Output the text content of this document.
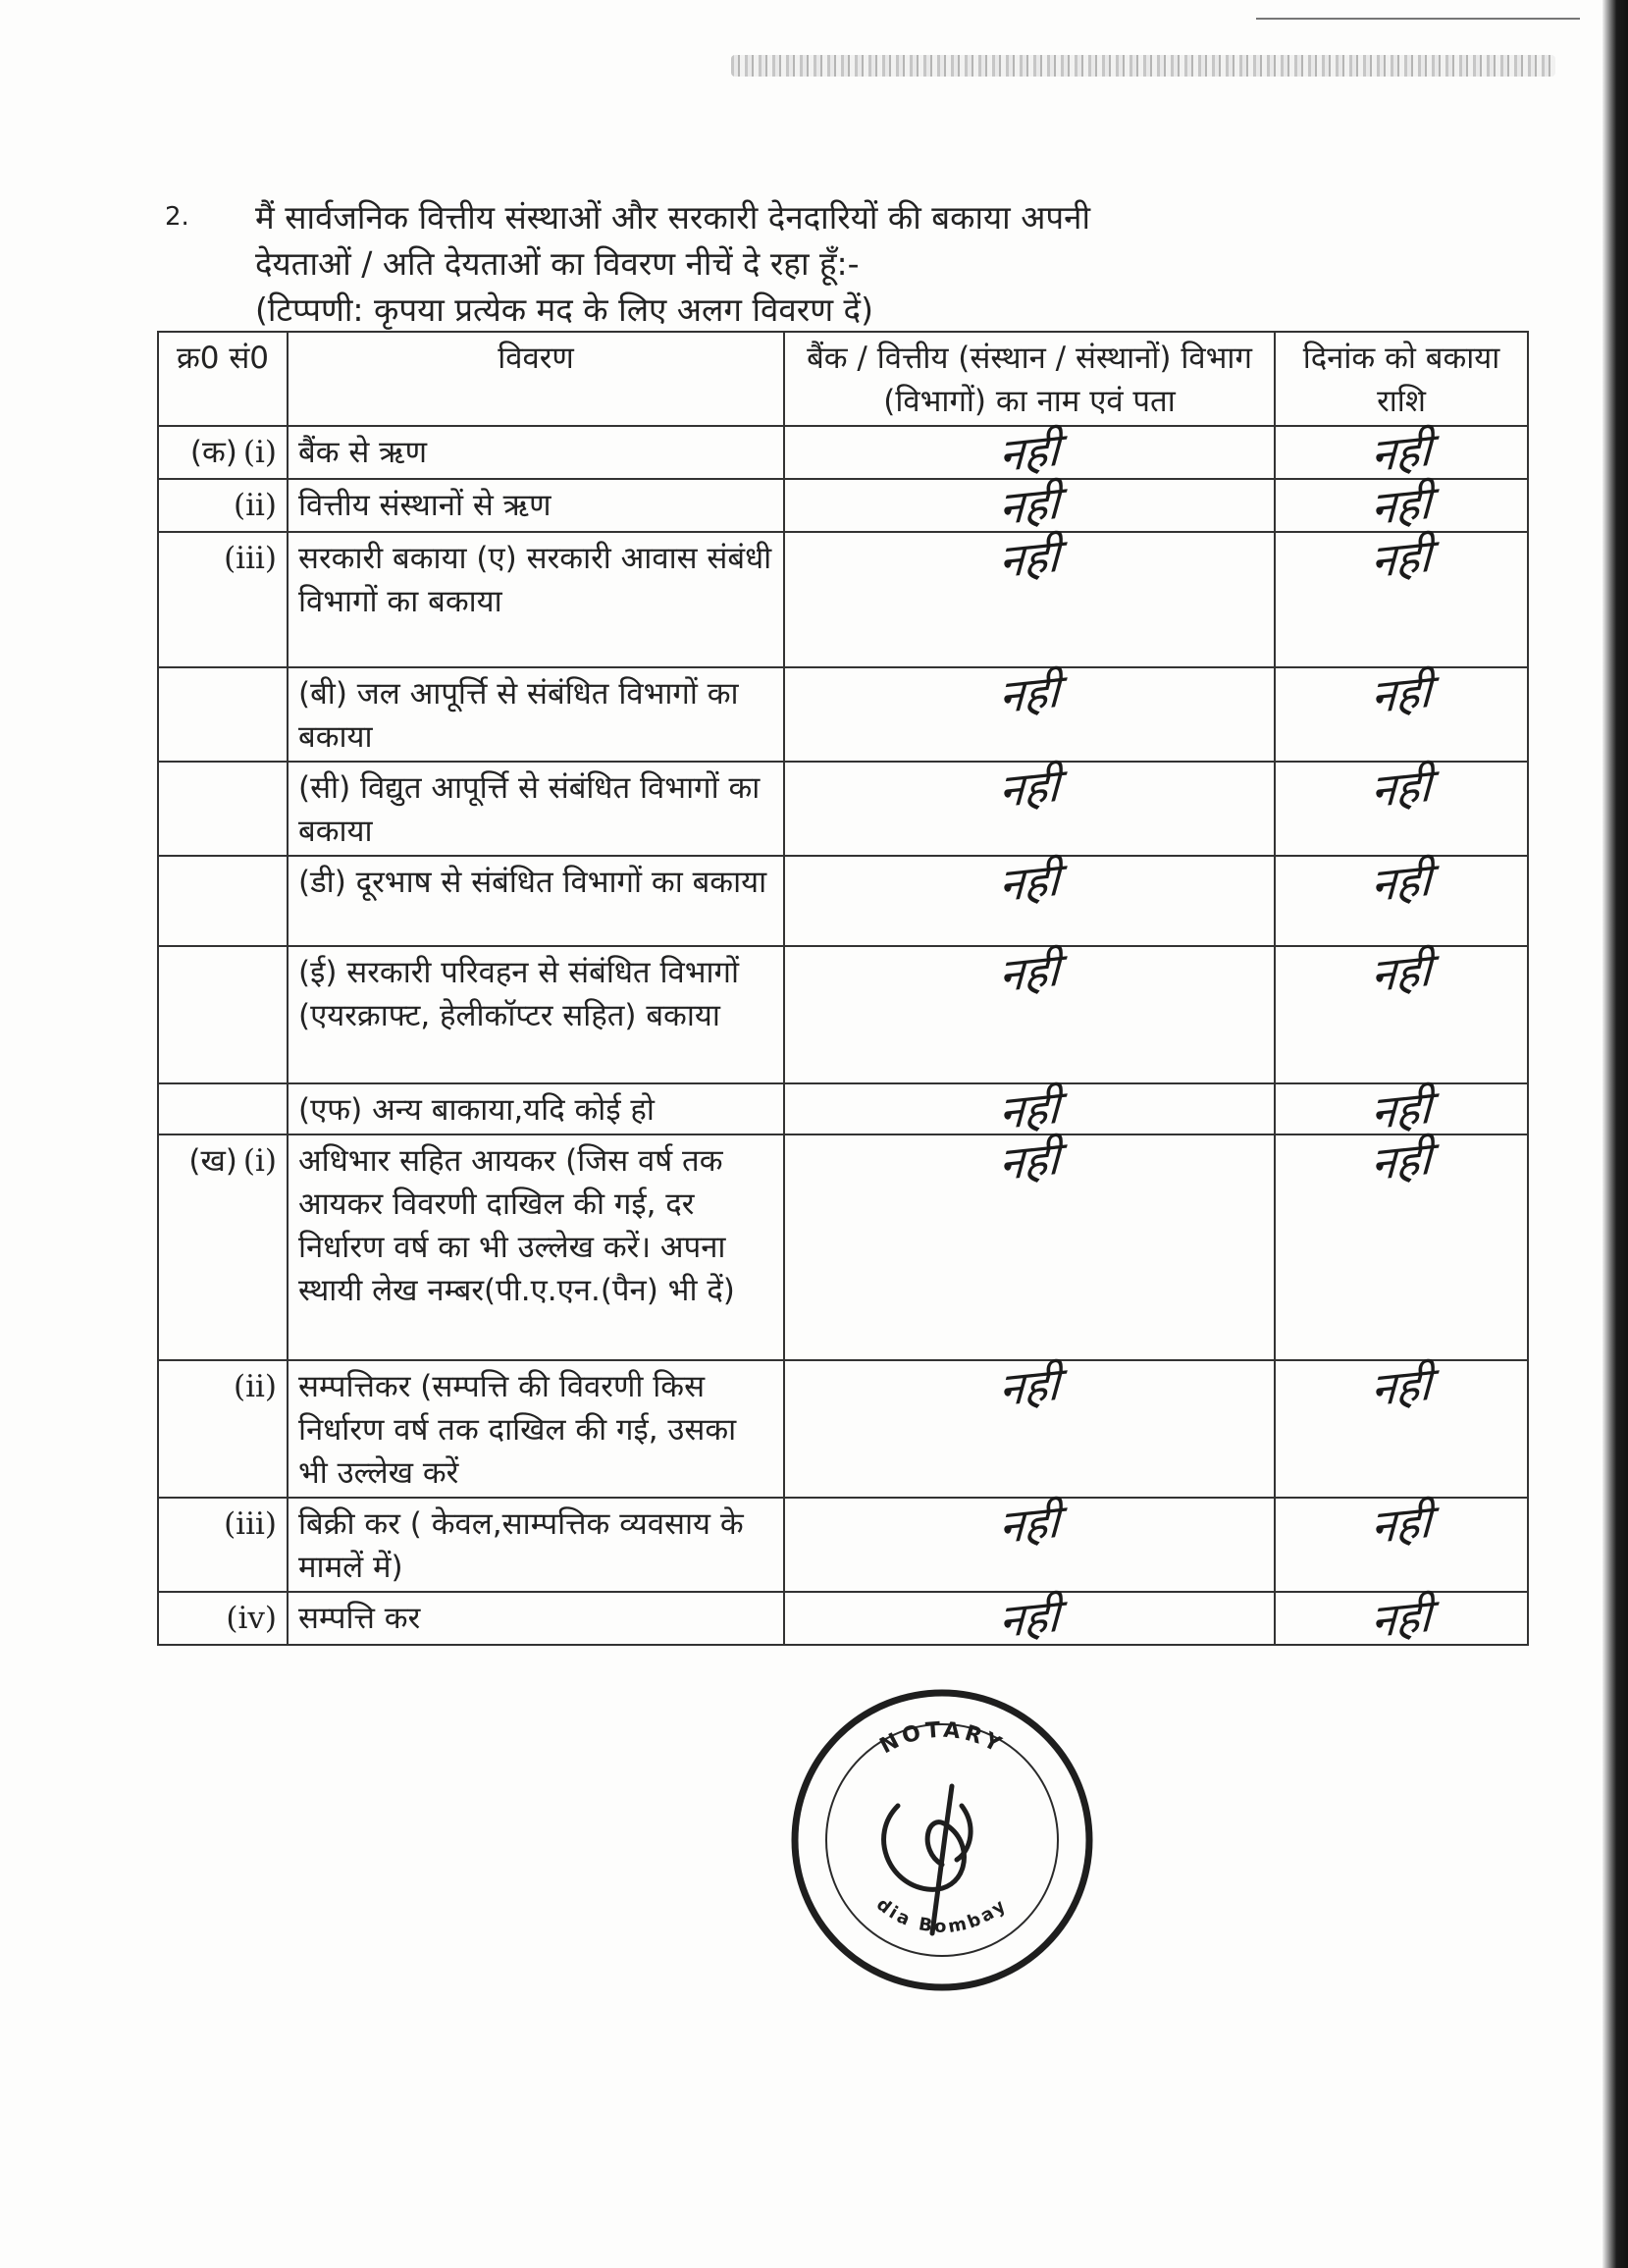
2. मैं सार्वजनिक वित्तीय संस्थाओं और सरकारी देनदारियों की बकाया अपनी
देयताओं / अति देयताओं का विवरण नीचें दे रहा हूँ:-
(टिप्पणी: कृपया प्रत्येक मद के लिए अलग विवरण दें)
क्र0 सं0	विवरण	बैंक / वित्तीय (संस्थान / संस्थानों) विभाग (विभागों) का नाम एवं पता	दिनांक को बकाया राशि
(क) (i)	बैंक से ऋण	नही	नही
(ii)	वित्तीय संस्थानों से ऋण	नही	नही
(iii)	सरकारी बकाया (ए) सरकारी आवास संबंधी विभागों का बकाया	नही	नही
	(बी) जल आपूर्त्ति से संबंधित विभागों का बकाया	नही	नही
	(सी) विद्युत आपूर्त्ति से संबंधित विभागों का बकाया	नही	नही
	(डी) दूरभाष से संबंधित विभागों का बकाया	नही	नही
	(ई) सरकारी परिवहन से संबंधित विभागों (एयरक्राफ्ट, हेलीकॉप्टर सहित) बकाया	नही	नही
	(एफ) अन्य बाकाया,यदि कोई हो	नही	नही
(ख) (i)	अधिभार सहित आयकर (जिस वर्ष तक आयकर विवरणी दाखिल की गई, दर निर्धारण वर्ष का भी उल्लेख करें। अपना स्थायी लेख नम्बर(पी.ए.एन.(पैन) भी दें)	नही	नही
(ii)	सम्पत्तिकर (सम्पत्ति की विवरणी किस निर्धारण वर्ष तक दाखिल की गई, उसका भी उल्लेख करें	नही	नही
(iii)	बिक्री कर ( केवल,साम्पत्तिक व्यवसाय के मामलें में)	नही	नही
(iv)	सम्पत्ति कर	नही	नही
NOTARY
dia Bombay
